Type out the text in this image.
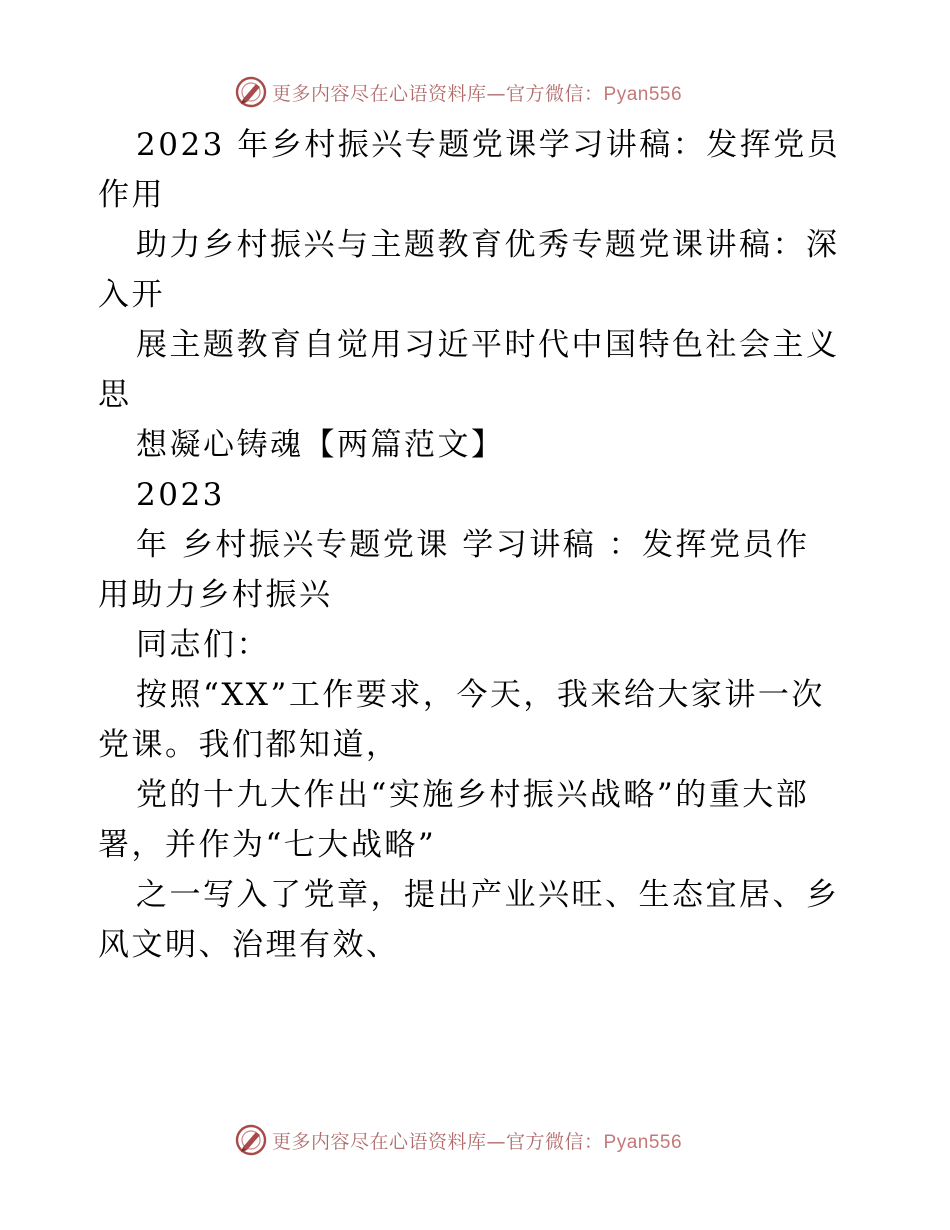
更多内容尽在心语资料库—官方微信：Pyan556
2023 年乡村振兴专题党课学习讲稿：发挥党员
作用
助力乡村振兴与主题教育优秀专题党课讲稿：深
入开
展主题教育自觉用习近平时代中国特色社会主义
思
想凝心铸魂【两篇范文】
2023
年 乡村振兴专题党课 学习讲稿 ：发挥党员作
用助力乡村振兴
同志们：
按照“XX”工作要求，今天，我来给大家讲一次
党课。我们都知道，
党的十九大作出“实施乡村振兴战略”的重大部
署，并作为“七大战略”
之一写入了党章，提出产业兴旺、生态宜居、乡
风文明、治理有效、
更多内容尽在心语资料库—官方微信：Pyan556
